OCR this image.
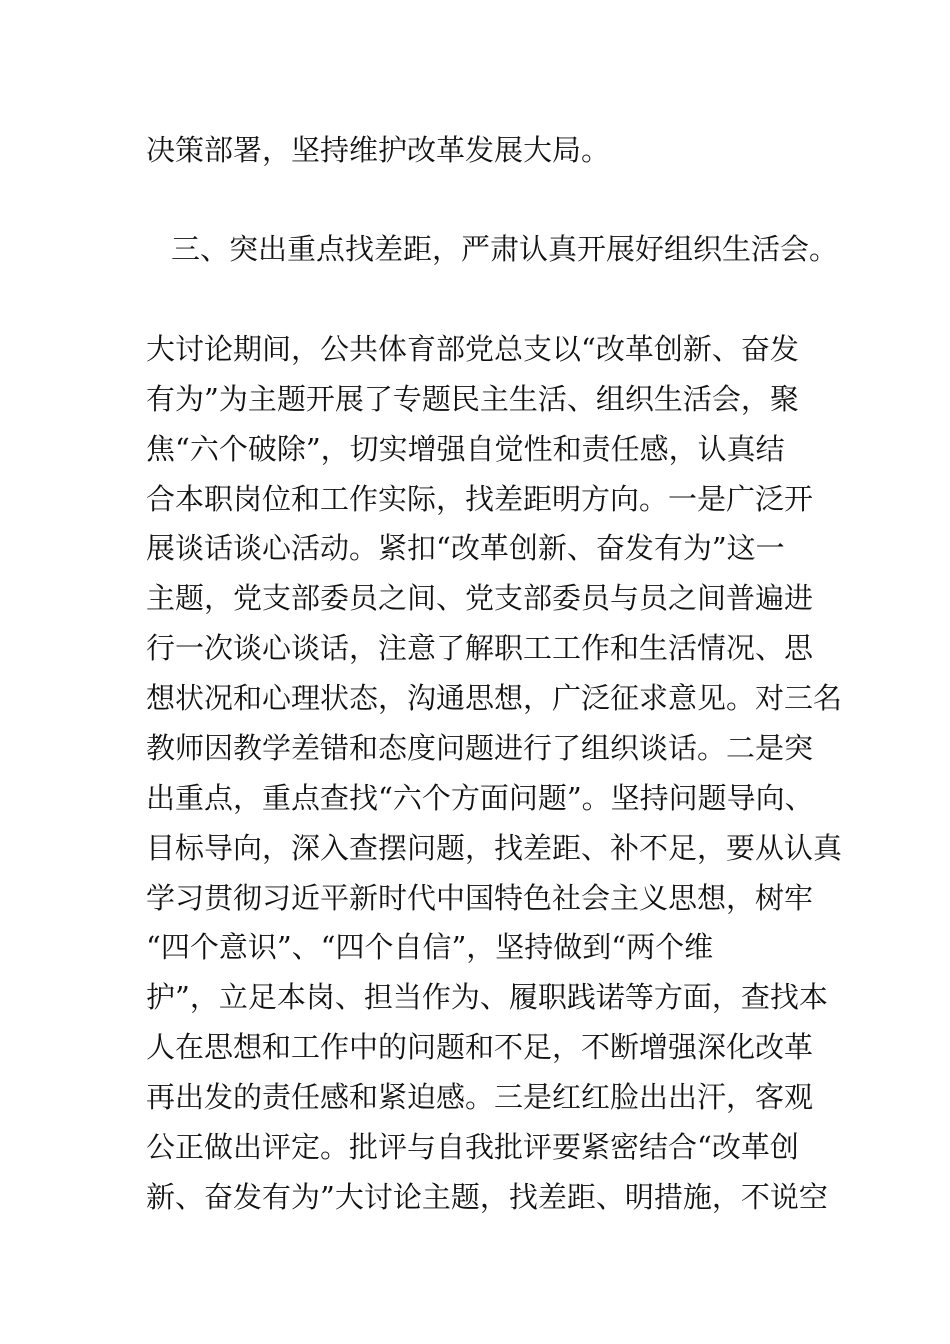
决策部署，坚持维护改革发展大局。
三、突出重点找差距，严肃认真开展好组织生活会。
大讨论期间，公共体育部党总支以“改革创新、奋发
有为”为主题开展了专题民主生活、组织生活会，聚
焦“六个破除”，切实增强自觉性和责任感，认真结
合本职岗位和工作实际，找差距明方向。一是广泛开
展谈话谈心活动。紧扣“改革创新、奋发有为”这一
主题，党支部委员之间、党支部委员与员之间普遍进
行一次谈心谈话，注意了解职工工作和生活情况、思
想状况和心理状态，沟通思想，广泛征求意见。对三名
教师因教学差错和态度问题进行了组织谈话。二是突
出重点，重点查找“六个方面问题”。坚持问题导向、
目标导向，深入查摆问题，找差距、补不足，要从认真
学习贯彻习近平新时代中国特色社会主义思想，树牢
“四个意识”、“四个自信”，坚持做到“两个维
护”，立足本岗、担当作为、履职践诺等方面，查找本
人在思想和工作中的问题和不足，不断增强深化改革
再出发的责任感和紧迫感。三是红红脸出出汗，客观
公正做出评定。批评与自我批评要紧密结合“改革创
新、奋发有为”大讨论主题，找差距、明措施，不说空
